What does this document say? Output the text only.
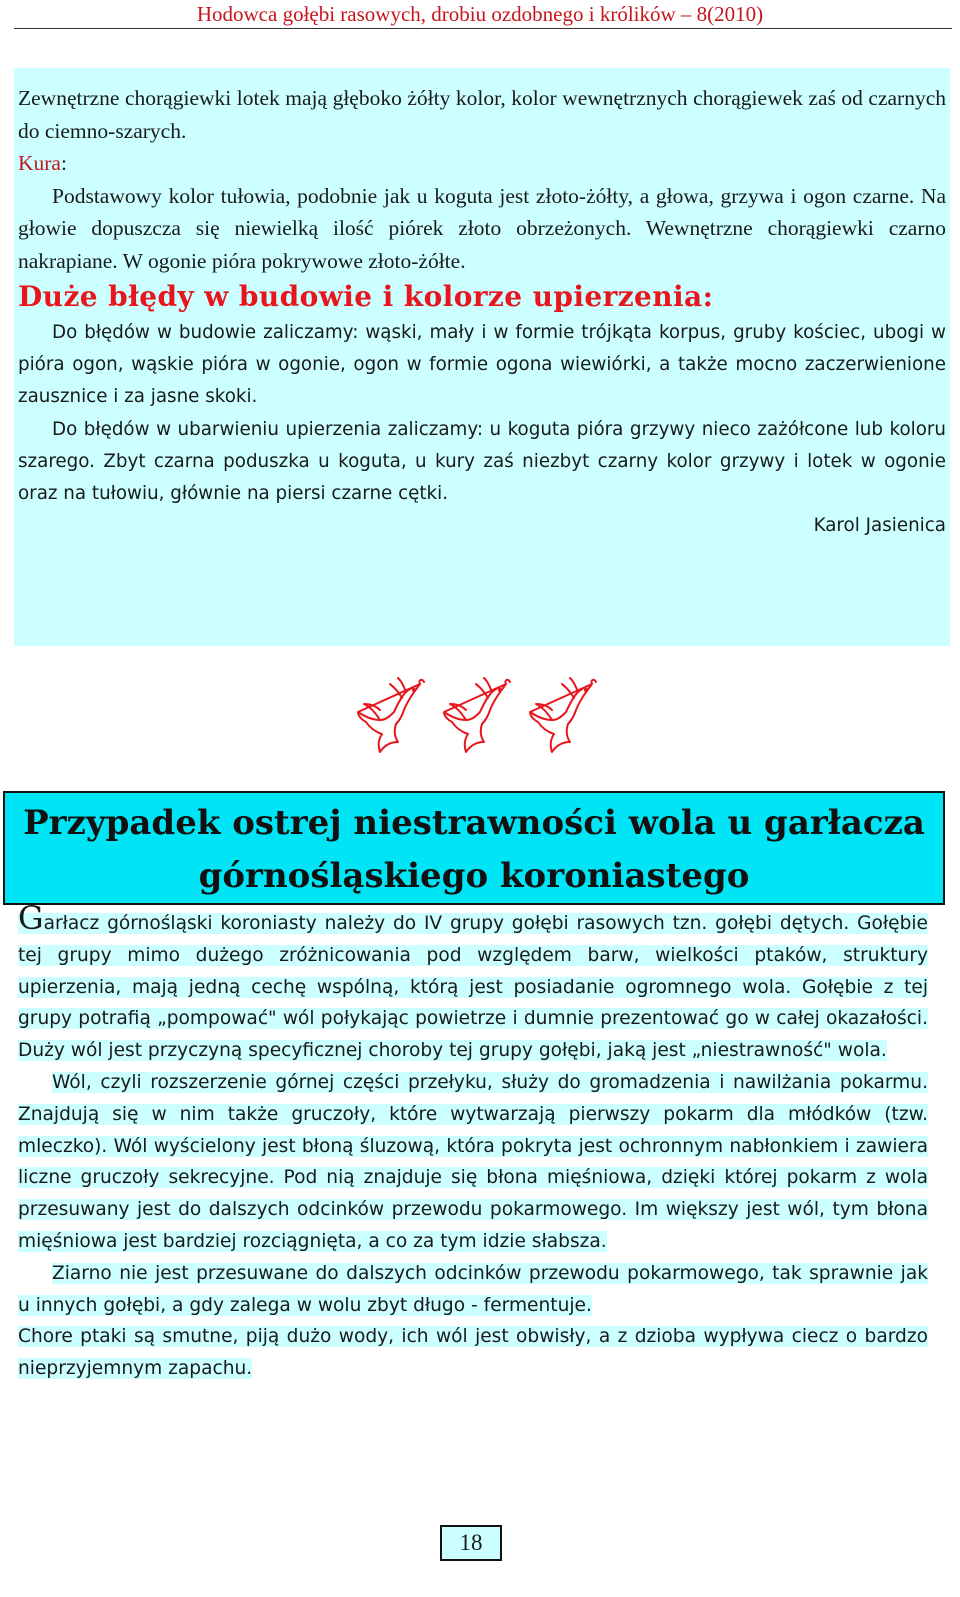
Hodowca gołębi rasowych, drobiu ozdobnego i królików – 8(2010)

Zewnętrzne chorągiewki lotek mają głęboko żółty kolor, kolor wewnętrznych chorągiewek zaś od czarnych do ciemno-szarych.

Kura:

Podstawowy kolor tułowia, podobnie jak u koguta jest złoto-żółty, a głowa, grzywa i ogon czarne. Na głowie dopuszcza się niewielką ilość piórek złoto obrzeżonych. Wewnętrzne chorągiewki czarno nakrapiane. W ogonie pióra pokrywowe złoto-żółte.

Duże błędy w budowie i kolorze upierzenia:

Do błędów w budowie zaliczamy: wąski, mały i w formie trójkąta korpus, gruby kościec, ubogi w pióra ogon, wąskie pióra w ogonie, ogon w formie ogona wiewiórki, a także mocno zaczerwienione zausznice i za jasne skoki.

Do błędów w ubarwieniu upierzenia zaliczamy: u koguta pióra grzywy nieco zażółcone lub koloru szarego. Zbyt czarna poduszka u koguta, u kury zaś niezbyt czarny kolor grzywy i lotek w ogonie oraz na tułowiu, głównie na piersi czarne cętki.

Karol Jasienica

Przypadek ostrej niestrawności wola u garłacza
górnośląskiego koroniastego

Garłacz górnośląski koroniasty należy do IV grupy gołębi rasowych tzn. gołębi dętych. Gołębie tej grupy mimo dużego zróżnicowania pod względem barw, wielkości ptaków, struktury upierzenia, mają jedną cechę wspólną, którą jest posiadanie ogromnego wola. Gołębie z tej grupy potrafią „pompować" wól połykając powietrze i dumnie prezentować go w całej okazałości. Duży wól jest przyczyną specyficznej choroby tej grupy gołębi, jaką jest „niestrawność" wola.

Wól, czyli rozszerzenie górnej części przełyku, służy do gromadzenia i nawilżania pokarmu. Znajdują się w nim także gruczoły, które wytwarzają pierwszy pokarm dla młódków (tzw. mleczko). Wól wyścielony jest błoną śluzową, która pokryta jest ochronnym nabłonkiem i zawiera liczne gruczoły sekrecyjne. Pod nią znajduje się błona mięśniowa, dzięki której pokarm z wola przesuwany jest do dalszych odcinków przewodu pokarmowego. Im większy jest wól, tym błona mięśniowa jest bardziej rozciągnięta, a co za tym idzie słabsza.

Ziarno nie jest przesuwane do dalszych odcinków przewodu pokarmowego, tak sprawnie jak u innych gołębi, a gdy zalega w wolu zbyt długo - fermentuje.

Chore ptaki są smutne, piją dużo wody, ich wól jest obwisły, a z dzioba wypływa ciecz o bardzo nieprzyjemnym zapachu.

18
